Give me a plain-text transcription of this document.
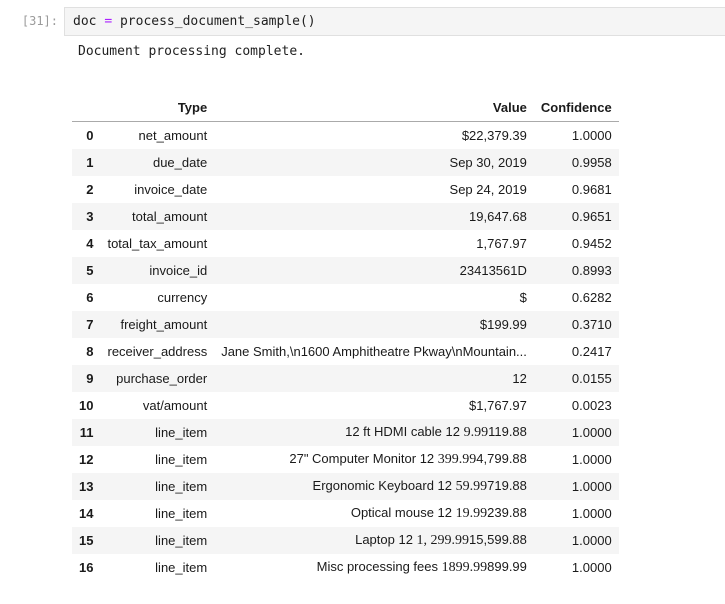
[31]:	doc = process_document_sample()
Document processing complete.
	Type	Value	Confidence
0	net_amount	$22,379.39	1.0000
1	due_date	Sep 30, 2019	0.9958
2	invoice_date	Sep 24, 2019	0.9681
3	total_amount	19,647.68	0.9651
4	total_tax_amount	1,767.97	0.9452
5	invoice_id	23413561D	0.8993
6	currency	$	0.6282
7	freight_amount	$199.99	0.3710
8	receiver_address	Jane Smith,\n1600 Amphitheatre Pkway\nMountain...	0.2417
9	purchase_order	12	0.0155
10	vat/amount	$1,767.97	0.0023
11	line_item	12 ft HDMI cable 12 9.99119.88	1.0000
12	line_item	27" Computer Monitor 12 399.994,799.88	1.0000
13	line_item	Ergonomic Keyboard 12 59.99719.88	1.0000
14	line_item	Optical mouse 12 19.99239.88	1.0000
15	line_item	Laptop 12 1, 299.9915,599.88	1.0000
16	line_item	Misc processing fees 1899.99899.99	1.0000
